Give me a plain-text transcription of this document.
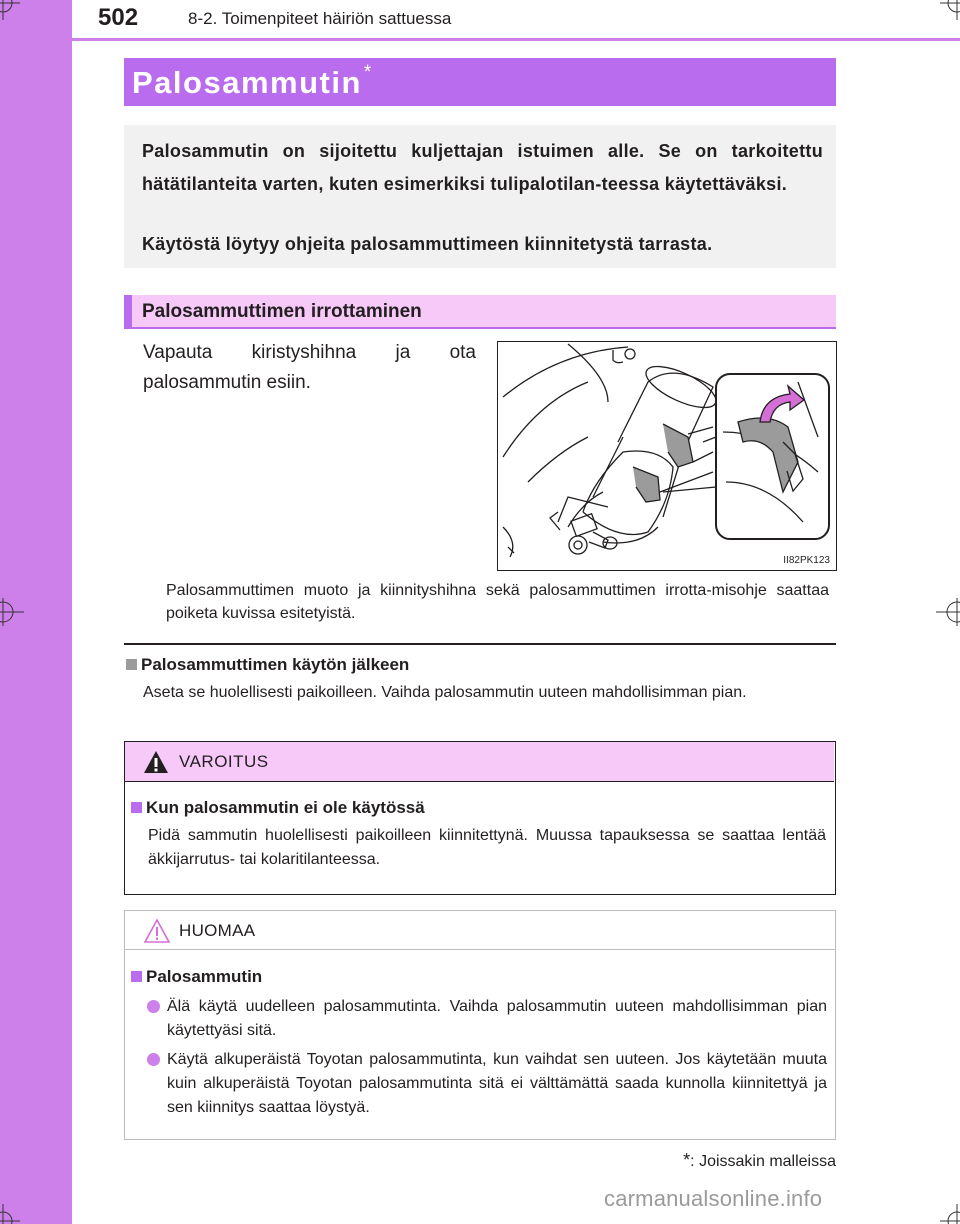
502	8-2. Toimenpiteet häiriön sattuessa
Palosammutin *
Palosammutin on sijoitettu kuljettajan istuimen alle. Se on tarkoitettu hätätilanteita varten, kuten esimerkiksi tulipalotilan-teessa käytettäväksi.
Käytöstä löytyy ohjeita palosammuttimeen kiinnitetystä tarrasta.
Palosammuttimen irrottaminen
Vapauta kiristyshihna ja ota palosammutin esiin.
II82PK123
Palosammuttimen muoto ja kiinnityshihna sekä palosammuttimen irrotta-misohje saattaa poiketa kuvissa esitetyistä.
Palosammuttimen käytön jälkeen
Aseta se huolellisesti paikoilleen. Vaihda palosammutin uuteen mahdollisimman pian.
VAROITUS
Kun palosammutin ei ole käytössä
Pidä sammutin huolellisesti paikoilleen kiinnitettynä. Muussa tapauksessa se saattaa lentää äkkijarrutus- tai kolaritilanteessa.
HUOMAA
Palosammutin
Älä käytä uudelleen palosammutinta. Vaihda palosammutin uuteen mahdollisimman pian käytettyäsi sitä.
Käytä alkuperäistä Toyotan palosammutinta, kun vaihdat sen uuteen. Jos käytetään muuta kuin alkuperäistä Toyotan palosammutinta sitä ei välttämättä saada kunnolla kiinnitettyä ja sen kiinnitys saattaa löystyä.
*: Joissakin malleissa
carmanualsonline.info
